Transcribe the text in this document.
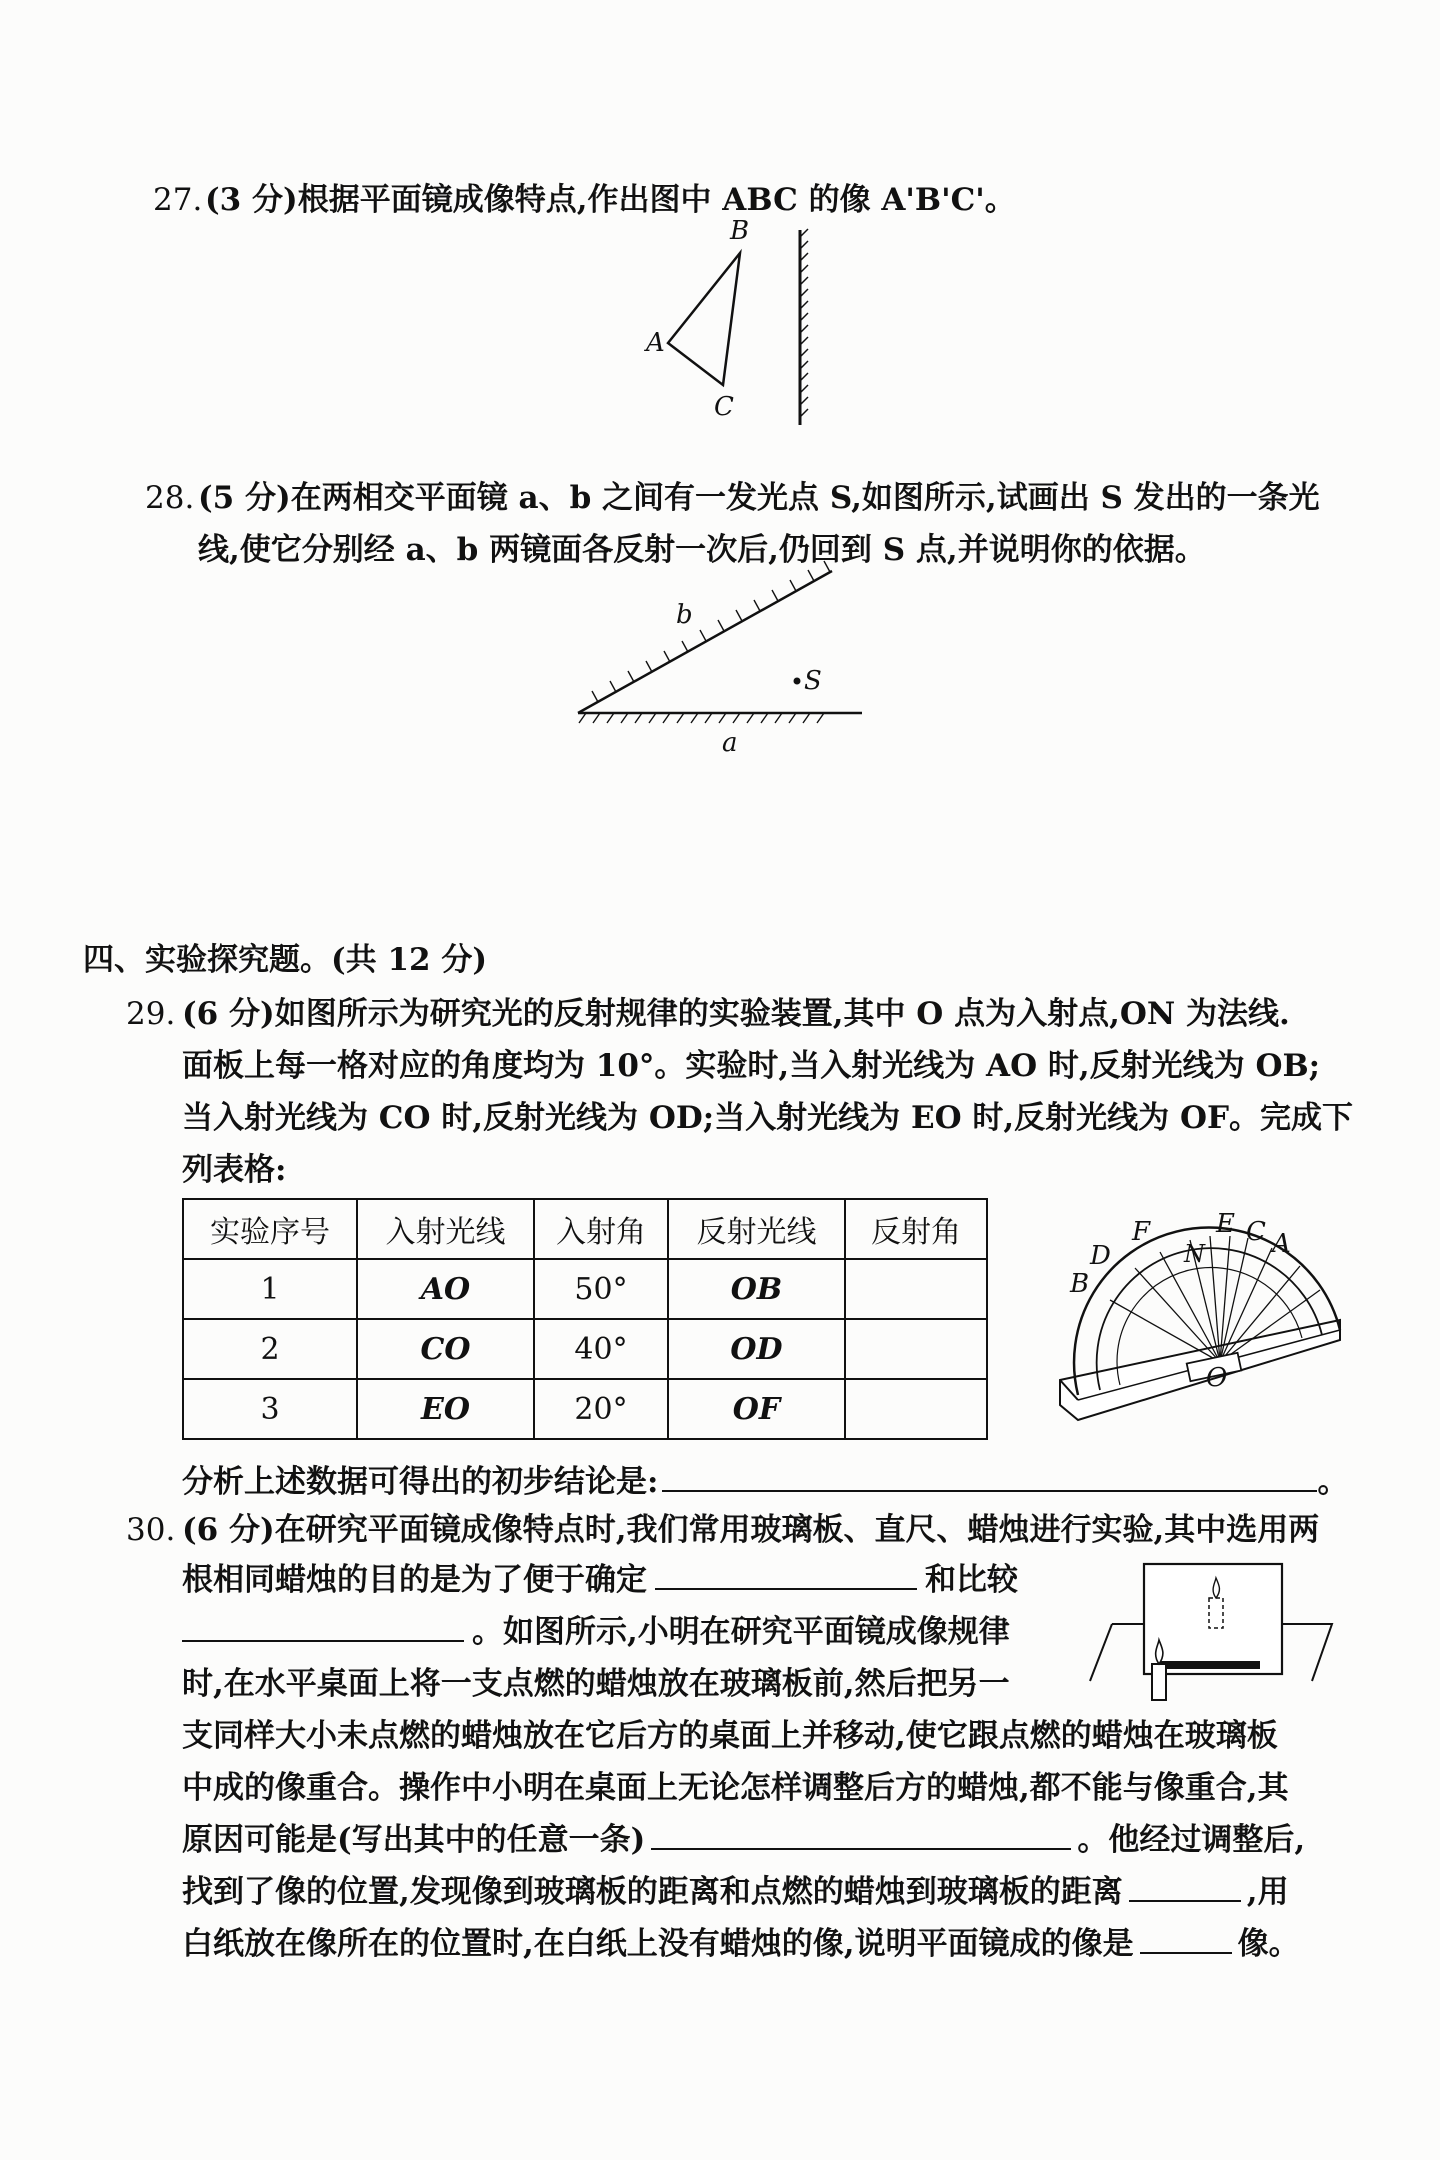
27. (3 分)根据平面镜成像特点,作出图中 ABC 的像 A'B'C'。
B
A
C
28. (5 分)在两相交平面镜 a、b 之间有一发光点 S,如图所示,试画出 S 发出的一条光
线,使它分别经 a、b 两镜面各反射一次后,仍回到 S 点,并说明你的依据。
S
b
a
四、实验探究题。(共 12 分)
29. (6 分)如图所示为研究光的反射规律的实验装置,其中 O 点为入射点,ON 为法线.
面板上每一格对应的角度均为 10°。实验时,当入射光线为 AO 时,反射光线为 OB;
当入射光线为 CO 时,反射光线为 OD;当入射光线为 EO 时,反射光线为 OF。完成下
列表格:
实验序号	入射光线	入射角	反射光线	反射角
1	AO	50°	OB	
2	CO	40°	OD	
3	EO	20°	OF	
F	E C A
D
B
N
O
分析上述数据可得出的初步结论是:	。
30. (6 分)在研究平面镜成像特点时,我们常用玻璃板、直尺、蜡烛进行实验,其中选用两
根相同蜡烛的目的是为了便于确定	和比较
。如图所示,小明在研究平面镜成像规律
时,在水平桌面上将一支点燃的蜡烛放在玻璃板前,然后把另一
支同样大小未点燃的蜡烛放在它后方的桌面上并移动,使它跟点燃的蜡烛在玻璃板
中成的像重合。操作中小明在桌面上无论怎样调整后方的蜡烛,都不能与像重合,其
原因可能是(写出其中的任意一条)	。他经过调整后,
找到了像的位置,发现像到玻璃板的距离和点燃的蜡烛到玻璃板的距离	,用
白纸放在像所在的位置时,在白纸上没有蜡烛的像,说明平面镜成的像是	像。
